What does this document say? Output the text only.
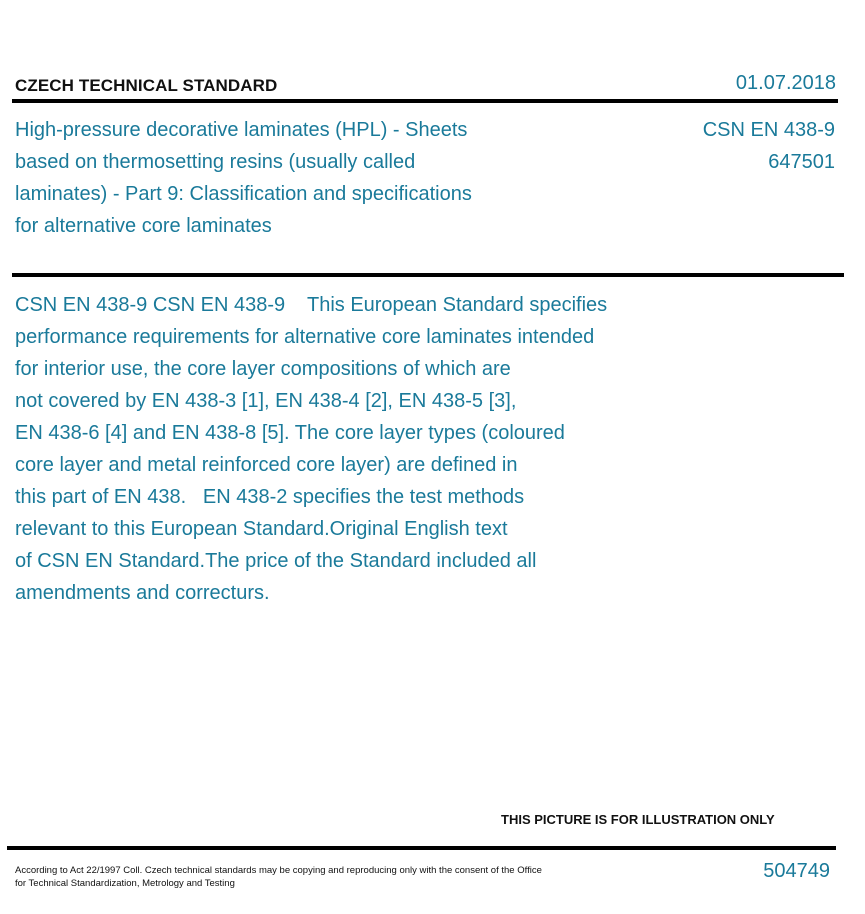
CZECH TECHNICAL STANDARD	01.07.2018
High-pressure decorative laminates (HPL) - Sheets
based on thermosetting resins (usually called
laminates) - Part 9: Classification and specifications
for alternative core laminates
CSN EN 438-9
647501
CSN EN 438-9 CSN EN 438-9    This European Standard specifies
performance requirements for alternative core laminates intended
for interior use, the core layer compositions of which are
not covered by EN 438-3 [1], EN 438-4 [2], EN 438-5 [3],
EN 438-6 [4] and EN 438-8 [5]. The core layer types (coloured
core layer and metal reinforced core layer) are defined in
this part of EN 438.   EN 438-2 specifies the test methods
relevant to this European Standard.Original English text
of CSN EN Standard.The price of the Standard included all
amendments and correcturs.
THIS PICTURE IS FOR ILLUSTRATION ONLY
According to Act 22/1997 Coll. Czech technical standards may be copying and reproducing only with the consent of the Office
for Technical Standardization, Metrology and Testing
504749
